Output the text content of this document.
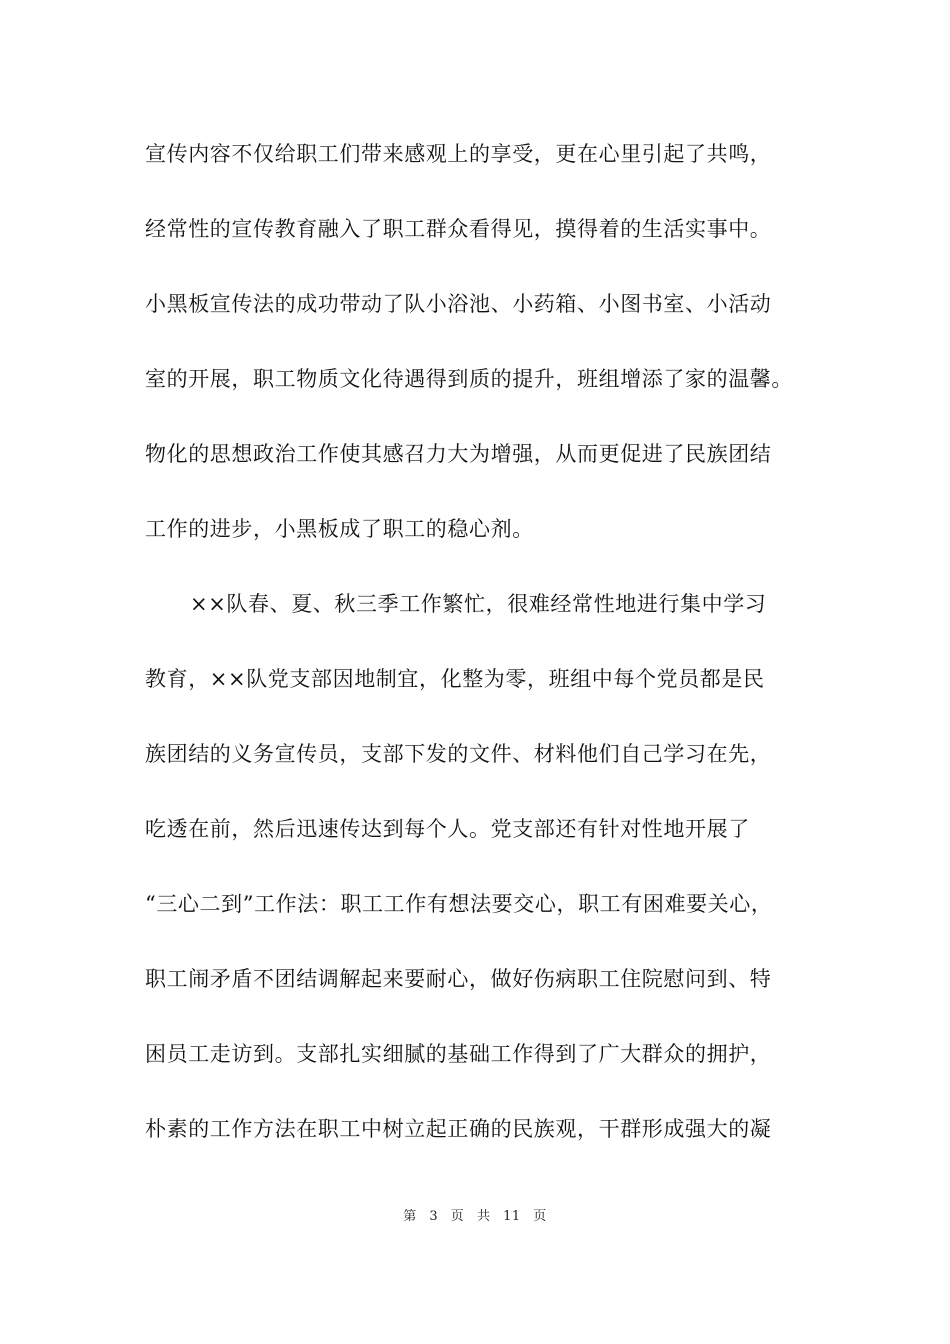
宣传内容不仅给职工们带来感观上的享受，更在心里引起了共鸣，
经常性的宣传教育融入了职工群众看得见，摸得着的生活实事中。
小黑板宣传法的成功带动了队小浴池、小药箱、小图书室、小活动
室的开展，职工物质文化待遇得到质的提升，班组增添了家的温馨。
物化的思想政治工作使其感召力大为增强，从而更促进了民族团结
工作的进步，小黑板成了职工的稳心剂。
××队春、夏、秋三季工作繁忙，很难经常性地进行集中学习
教育，××队党支部因地制宜，化整为零，班组中每个党员都是民
族团结的义务宣传员，支部下发的文件、材料他们自己学习在先，
吃透在前，然后迅速传达到每个人。党支部还有针对性地开展了
“三心二到”工作法：职工工作有想法要交心，职工有困难要关心，
职工闹矛盾不团结调解起来要耐心，做好伤病职工住院慰问到、特
困员工走访到。支部扎实细腻的基础工作得到了广大群众的拥护，
朴素的工作方法在职工中树立起正确的民族观，干群形成强大的凝
第 3 页 共 11 页
